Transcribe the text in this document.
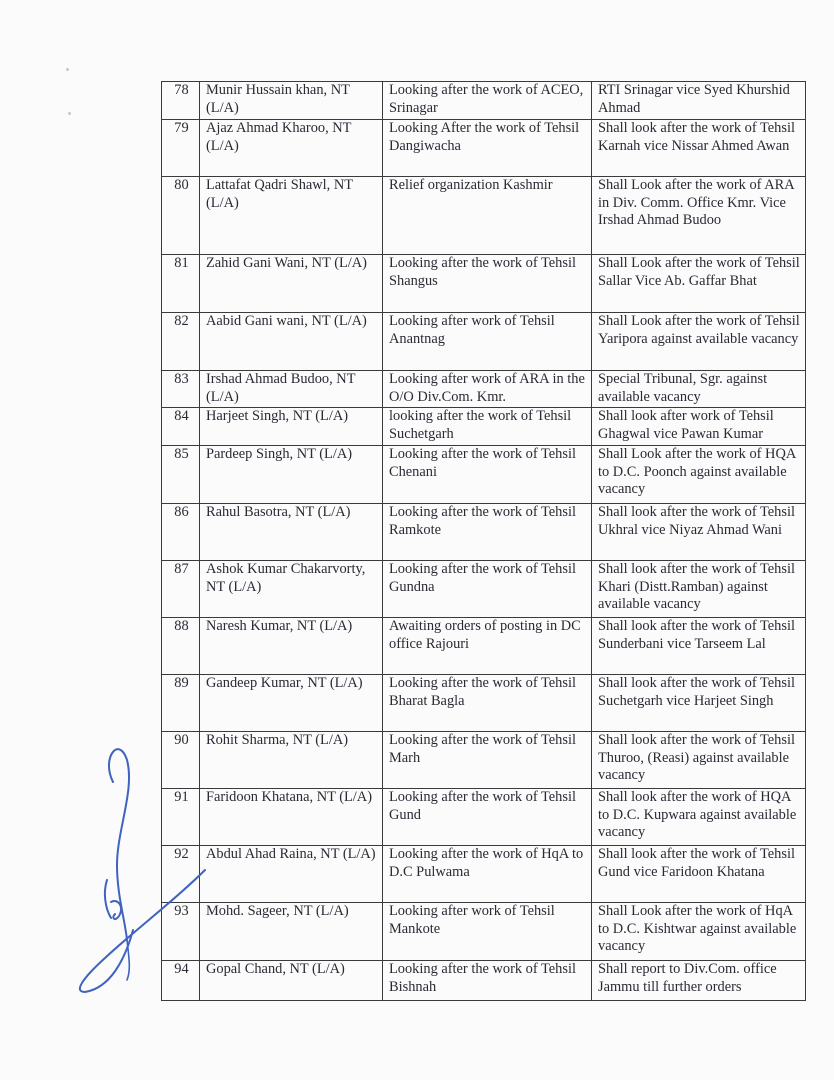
78	Munir Hussain khan, NT (L/A)	Looking after the work of ACEO, Srinagar	RTI Srinagar vice Syed Khurshid Ahmad
79	Ajaz Ahmad Kharoo, NT (L/A)	Looking After the work of Tehsil Dangiwacha	Shall look after the work of Tehsil Karnah vice Nissar Ahmed Awan
80	Lattafat Qadri Shawl, NT (L/A)	Relief organization Kashmir	Shall Look after the work of ARA in Div. Comm. Office Kmr. Vice Irshad Ahmad Budoo
81	Zahid Gani Wani, NT (L/A)	Looking after the work of Tehsil Shangus	Shall Look after the work of Tehsil Sallar Vice Ab. Gaffar Bhat
82	Aabid Gani wani, NT (L/A)	Looking after work of Tehsil Anantnag	Shall Look after the work of Tehsil Yaripora against available vacancy
83	Irshad Ahmad Budoo, NT (L/A)	Looking after work of ARA in the O/O Div.Com. Kmr.	Special Tribunal, Sgr. against available vacancy
84	Harjeet Singh, NT (L/A)	looking after the work of Tehsil Suchetgarh	Shall look after work of Tehsil Ghagwal vice Pawan Kumar
85	Pardeep Singh, NT (L/A)	Looking after the work of Tehsil Chenani	Shall Look after the work of HQA to D.C. Poonch against available vacancy
86	Rahul Basotra, NT (L/A)	Looking after the work of Tehsil Ramkote	Shall look after the work of Tehsil Ukhral vice Niyaz Ahmad Wani
87	Ashok Kumar Chakarvorty, NT (L/A)	Looking after the work of Tehsil Gundna	Shall look after the work of Tehsil Khari (Distt.Ramban) against available vacancy
88	Naresh Kumar, NT (L/A)	Awaiting orders of posting in DC office Rajouri	Shall look after the work of Tehsil Sunderbani vice Tarseem Lal
89	Gandeep Kumar, NT (L/A)	Looking after the work of Tehsil Bharat Bagla	Shall look after the work of Tehsil Suchetgarh vice Harjeet Singh
90	Rohit Sharma, NT (L/A)	Looking after the work of Tehsil Marh	Shall look after the work of Tehsil Thuroo, (Reasi) against available vacancy
91	Faridoon Khatana, NT (L/A)	Looking after the work of Tehsil Gund	Shall look after the work of HQA to D.C. Kupwara against available vacancy
92	Abdul Ahad Raina, NT (L/A)	Looking after the work of HqA to D.C Pulwama	Shall look after the work of Tehsil Gund vice Faridoon Khatana
93	Mohd. Sageer, NT (L/A)	Looking after work of Tehsil Mankote	Shall Look after the work of HqA to D.C. Kishtwar against available vacancy
94	Gopal Chand, NT (L/A)	Looking after the work of Tehsil Bishnah	Shall report to Div.Com. office Jammu till further orders
